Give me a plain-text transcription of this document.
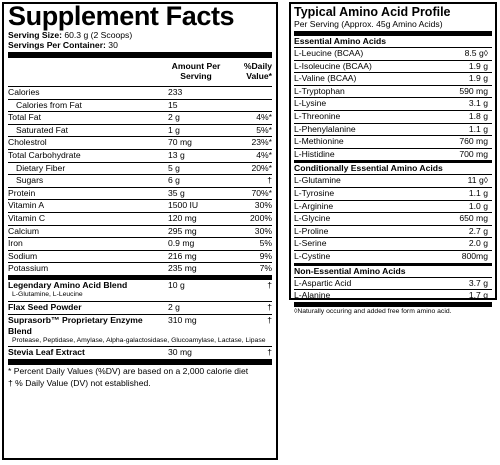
Supplement Facts
Serving Size: 60.3 g (2 Scoops)
Servings Per Container: 30
Amount Per Serving
%Daily Value*
Calories	233
Calories from Fat	15
Total Fat	2 g	4%*
Saturated Fat	1 g	5%*
Cholestrol	70 mg	23%*
Total Carbohydrate	13 g	4%*
Dietary Fiber	5 g	20%*
Sugars	6 g	†
Protein	35 g	70%*
Vitamin A	1500 IU	30%
Vitamin C	120 mg	200%
Calcium	295 mg	30%
Iron	0.9 mg	5%
Sodium	216 mg	9%
Potassium	235 mg	7%
Legendary Amino Acid Blend	10 g	†
L-Glutamine, L-Leucine
Flax Seed Powder	2 g	†
Suprasorb™ Proprietary Enzyme Blend
310 mg	†
Protease, Peptidase, Amylase, Alpha-galactosidase, Glucoamylase, Lactase, Lipase
Stevia Leaf Extract	30 mg	†
* Percent Daily Values (%DV) are based on a 2,000 calorie diet
† % Daily Value (DV) not established.
Typical Amino Acid Profile
Per Serving (Approx. 45g Amino Acids)
Essential Amino Acids
L-Leucine (BCAA)	8.5 g◊
L-Isoleucine (BCAA)	1.9 g
L-Valine (BCAA)	1.9 g
L-Tryptophan	590 mg
L-Lysine	3.1 g
L-Threonine	1.8 g
L-Phenylalanine	1.1 g
L-Methionine	760 mg
L-Histidine	700 mg
Conditionally Essential Amino Acids
L-Glutamine	11 g◊
L-Tyrosine	1.1 g
L-Arginine	1.0 g
L-Glycine	650 mg
L-Proline	2.7 g
L-Serine	2.0 g
L-Cystine	800mg
Non-Essential Amino Acids
L-Aspartic Acid	3.7 g
L-Alanine	1.7 g
◊Naturally occuring and added free form amino acid.
